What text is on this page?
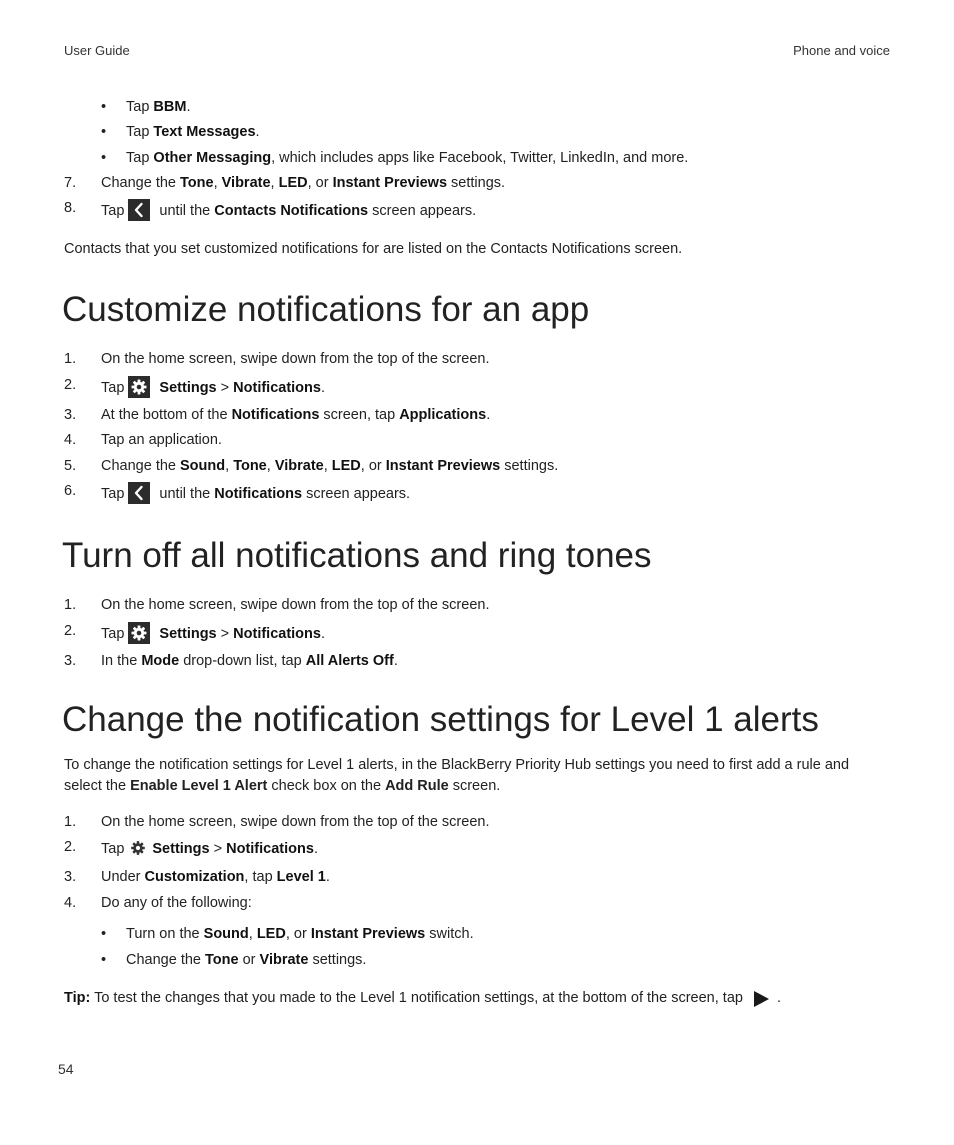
User Guide	Phone and voice
• Tap BBM.
• Tap Text Messages.
• Tap Other Messaging, which includes apps like Facebook, Twitter, LinkedIn, and more.
7. Change the Tone, Vibrate, LED, or Instant Previews settings.
8. Tap until the Contacts Notifications screen appears.
Contacts that you set customized notifications for are listed on the Contacts Notifications screen.
Customize notifications for an app
1. On the home screen, swipe down from the top of the screen.
2. Tap Settings > Notifications.
3. At the bottom of the Notifications screen, tap Applications.
4. Tap an application.
5. Change the Sound, Tone, Vibrate, LED, or Instant Previews settings.
6. Tap until the Notifications screen appears.
Turn off all notifications and ring tones
1. On the home screen, swipe down from the top of the screen.
2. Tap Settings > Notifications.
3. In the Mode drop-down list, tap All Alerts Off.
Change the notification settings for Level 1 alerts
To change the notification settings for Level 1 alerts, in the BlackBerry Priority Hub settings you need to first add a rule and
select the Enable Level 1 Alert check box on the Add Rule screen.
1. On the home screen, swipe down from the top of the screen.
2. Tap Settings > Notifications.
3. Under Customization, tap Level 1.
4. Do any of the following:
• Turn on the Sound, LED, or Instant Previews switch.
• Change the Tone or Vibrate settings.
Tip: To test the changes that you made to the Level 1 notification settings, at the bottom of the screen, tap .
54
